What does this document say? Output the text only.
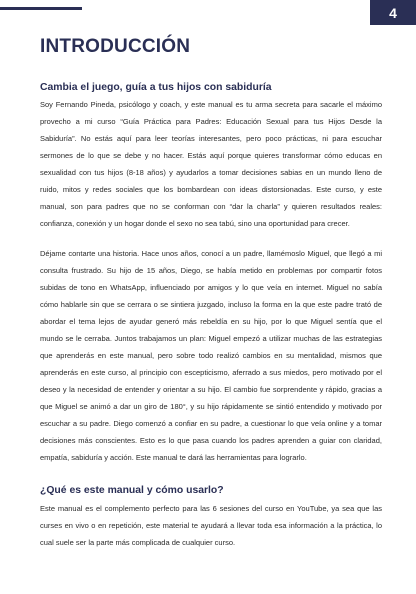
4
INTRODUCCIÓN
Cambia el juego, guía a tus hijos con sabiduría
Soy Fernando Pineda, psicólogo y coach, y este manual es tu arma secreta para sacarle el máximo provecho a mi curso “Guía Práctica para Padres: Educación Sexual para tus Hijos Desde la Sabiduría”. No estás aquí para leer teorías interesantes, pero poco prácticas, ni para escuchar sermones de lo que se debe y no hacer. Estás aquí porque quieres transformar cómo educas en sexualidad con tus hijos (8-18 años) y ayudarlos a tomar decisiones sabias en un mundo lleno de ruido, mitos y redes sociales que los bombardean con ideas distorsionadas. Este curso, y este manual, son para padres que no se conforman con “dar la charla” y quieren resultados reales: confianza, conexión y un hogar donde el sexo no sea tabú, sino una oportunidad para crecer.
Déjame contarte una historia. Hace unos años, conocí a un padre, llamémoslo Miguel, que llegó a mi consulta frustrado. Su hijo de 15 años, Diego, se había metido en problemas por compartir fotos subidas de tono en WhatsApp, influenciado por amigos y lo que veía en internet. Miguel no sabía cómo hablarle sin que se cerrara o se sintiera juzgado, incluso la forma en la que este padre trató de abordar el tema lejos de ayudar generó más rebeldía en su hijo, por lo que Miguel sentía que el mundo se le cerraba. Juntos trabajamos un plan: Miguel empezó a utilizar muchas de las estrategias que aprenderás en este manual, pero sobre todo realizó cambios en su mentalidad, mismos que aprenderás en este curso, al principio con escepticismo, aferrado a sus miedos, pero motivado por el deseo y la necesidad de entender y orientar a su hijo. El cambio fue sorprendente y rápido, gracias a que Miguel se animó a dar un giro de 180°, y su hijo rápidamente se sintió entendido y motivado por escuchar a su padre. Diego comenzó a confiar en su padre, a cuestionar lo que veía online y a tomar decisiones más conscientes. Esto es lo que pasa cuando los padres aprenden a guiar con claridad, empatía, sabiduría y acción. Este manual te dará las herramientas para lograrlo.
¿Qué es este manual y cómo usarlo?
Este manual es el complemento perfecto para las 6 sesiones del curso en YouTube, ya sea que las curses en vivo o en repetición, este material te ayudará a llevar toda esa información a la práctica, lo cual suele ser la parte más complicada de cualquier curso.
